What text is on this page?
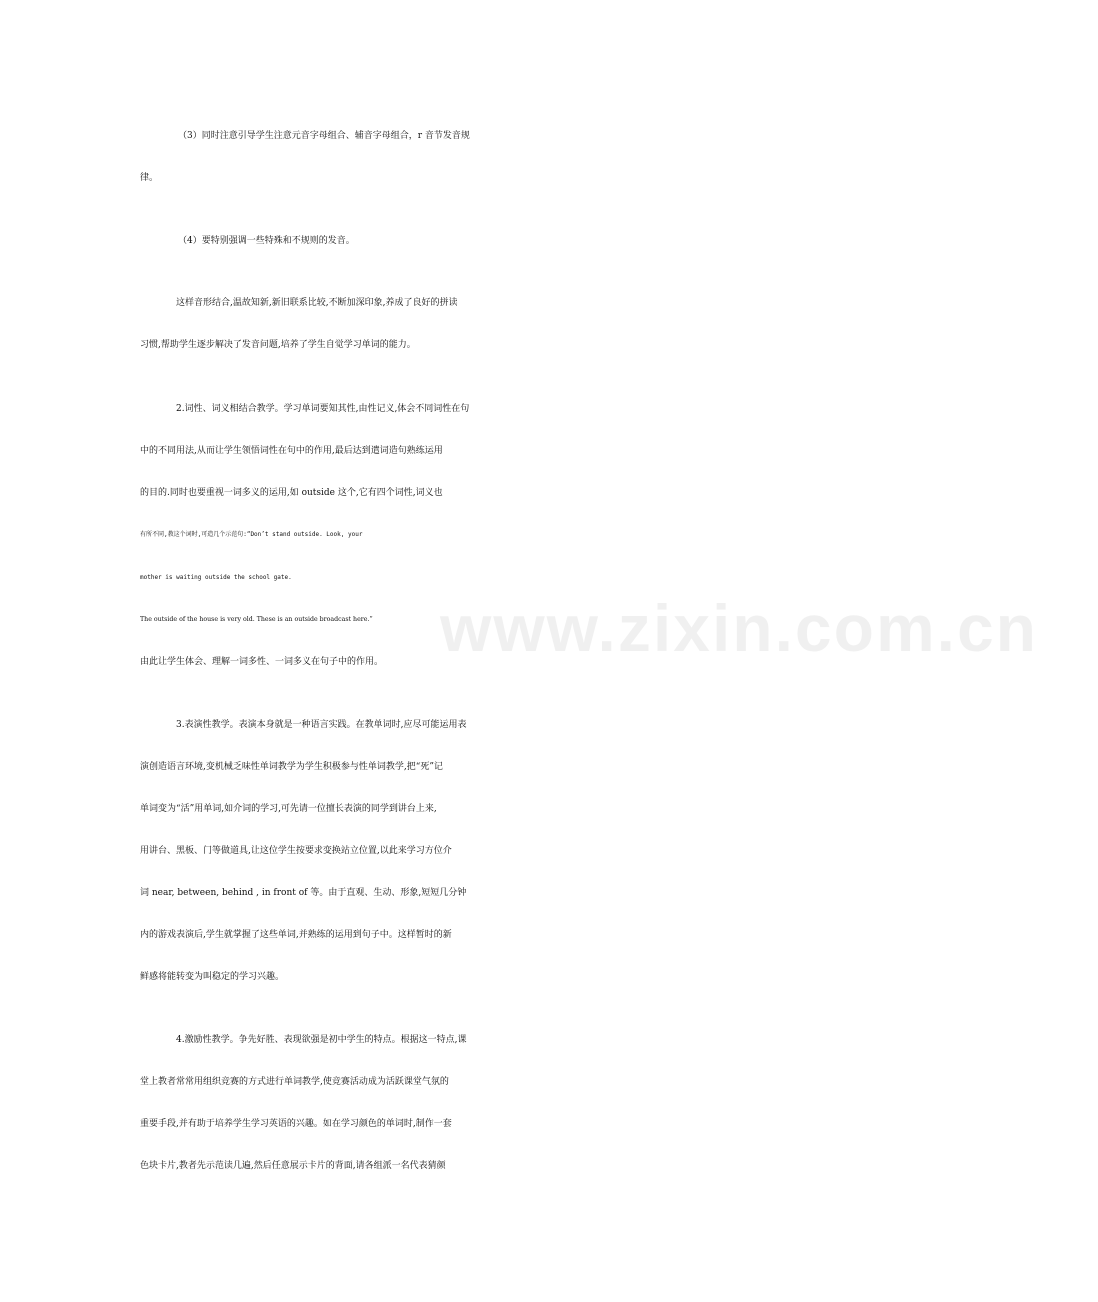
www.zixin.com.cn
（3）同时注意引导学生注意元音字母组合、辅音字母组合，r 音节发音规
律。
（4）要特别强调一些特殊和不规则的发音。
这样音形结合,温故知新,新旧联系比较,不断加深印象,养成了良好的拼读
习惯,帮助学生逐步解决了发音问题,培养了学生自觉学习单词的能力。
2.词性、词义相结合教学。学习单词要知其性,由性记义,体会不同词性在句
中的不同用法,从而让学生领悟词性在句中的作用,最后达到遣词造句熟练运用
的目的.同时也要重视一词多义的运用,如 outside 这个,它有四个词性,词义也
有所不同,教这个词时,可造几个示范句:“Don’t stand outside. Look, your
mother is waiting outside the school gate.
The outside of the house is very old. These is an outside broadcast here.”
由此让学生体会、理解一词多性、一词多义在句子中的作用。
3.表演性教学。表演本身就是一种语言实践。在教单词时,应尽可能运用表
演创造语言环境,变机械乏味性单词教学为学生积极参与性单词教学,把“死”记
单词变为“活”用单词,如介词的学习,可先请一位擅长表演的同学到讲台上来,
用讲台、黑板、门等做道具,让这位学生按要求变换站立位置,以此来学习方位介
词 near, between, behind , in front of 等。由于直观、生动、形象,短短几分钟
内的游戏表演后,学生就掌握了这些单词,并熟练的运用到句子中。这样暂时的新
鲜感将能转变为叫稳定的学习兴趣。
4.激励性教学。争先好胜、表现欲强是初中学生的特点。根据这一特点,课
堂上教者常常用组织竞赛的方式进行单词教学,使竞赛活动成为活跃课堂气氛的
重要手段,并有助于培养学生学习英语的兴趣。如在学习颜色的单词时,制作一套
色块卡片,教者先示范读几遍,然后任意展示卡片的背面,请各组派一名代表猜颜
